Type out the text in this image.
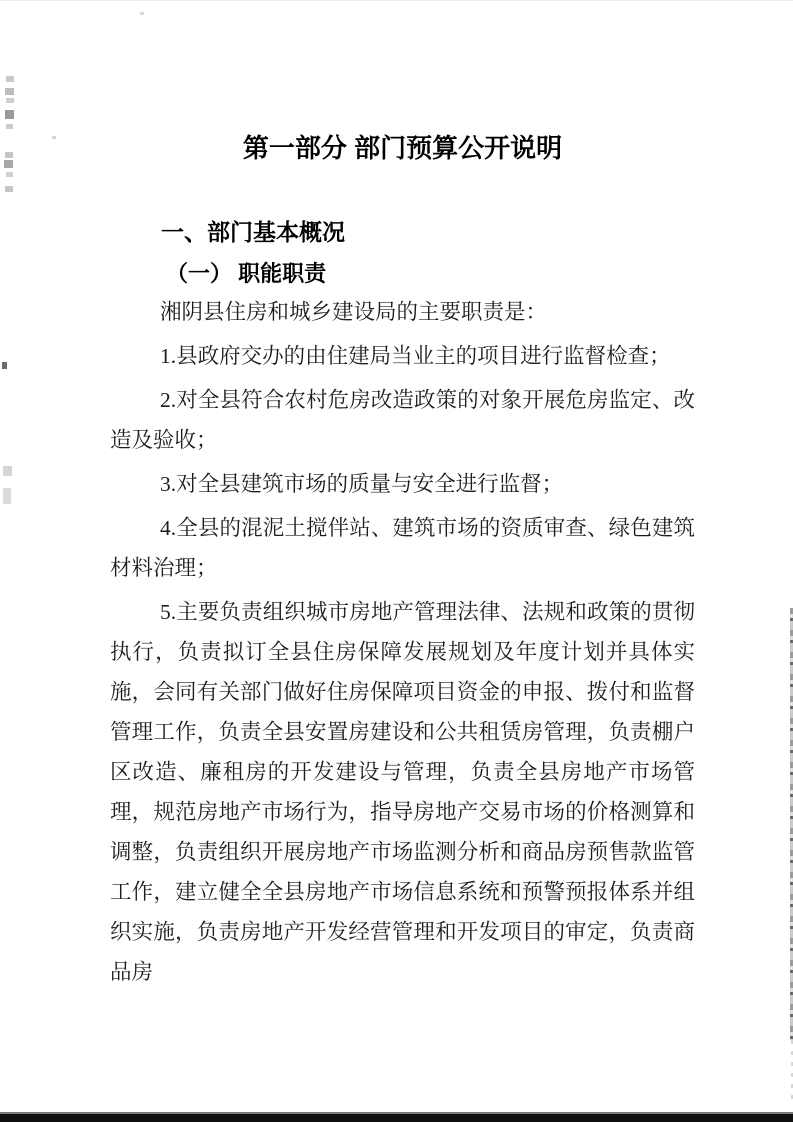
第一部分 部门预算公开说明
一、部门基本概况
（一） 职能职责

湘阴县住房和城乡建设局的主要职责是：

1.县政府交办的由住建局当业主的项目进行监督检查；

2.对全县符合农村危房改造政策的对象开展危房监定、改造及验收；

3.对全县建筑市场的质量与安全进行监督；

4.全县的混泥土搅伴站、建筑市场的资质审查、绿色建筑材料治理；

5.主要负责组织城市房地产管理法律、法规和政策的贯彻执行，负责拟订全县住房保障发展规划及年度计划并具体实施，会同有关部门做好住房保障项目资金的申报、拨付和监督管理工作，负责全县安置房建设和公共租赁房管理，负责棚户区改造、廉租房的开发建设与管理，负责全县房地产市场管理，规范房地产市场行为，指导房地产交易市场的价格测算和调整，负责组织开展房地产市场监测分析和商品房预售款监管工作，建立健全全县房地产市场信息系统和预警预报体系并组织实施，负责房地产开发经营管理和开发项目的审定，负责商品房
